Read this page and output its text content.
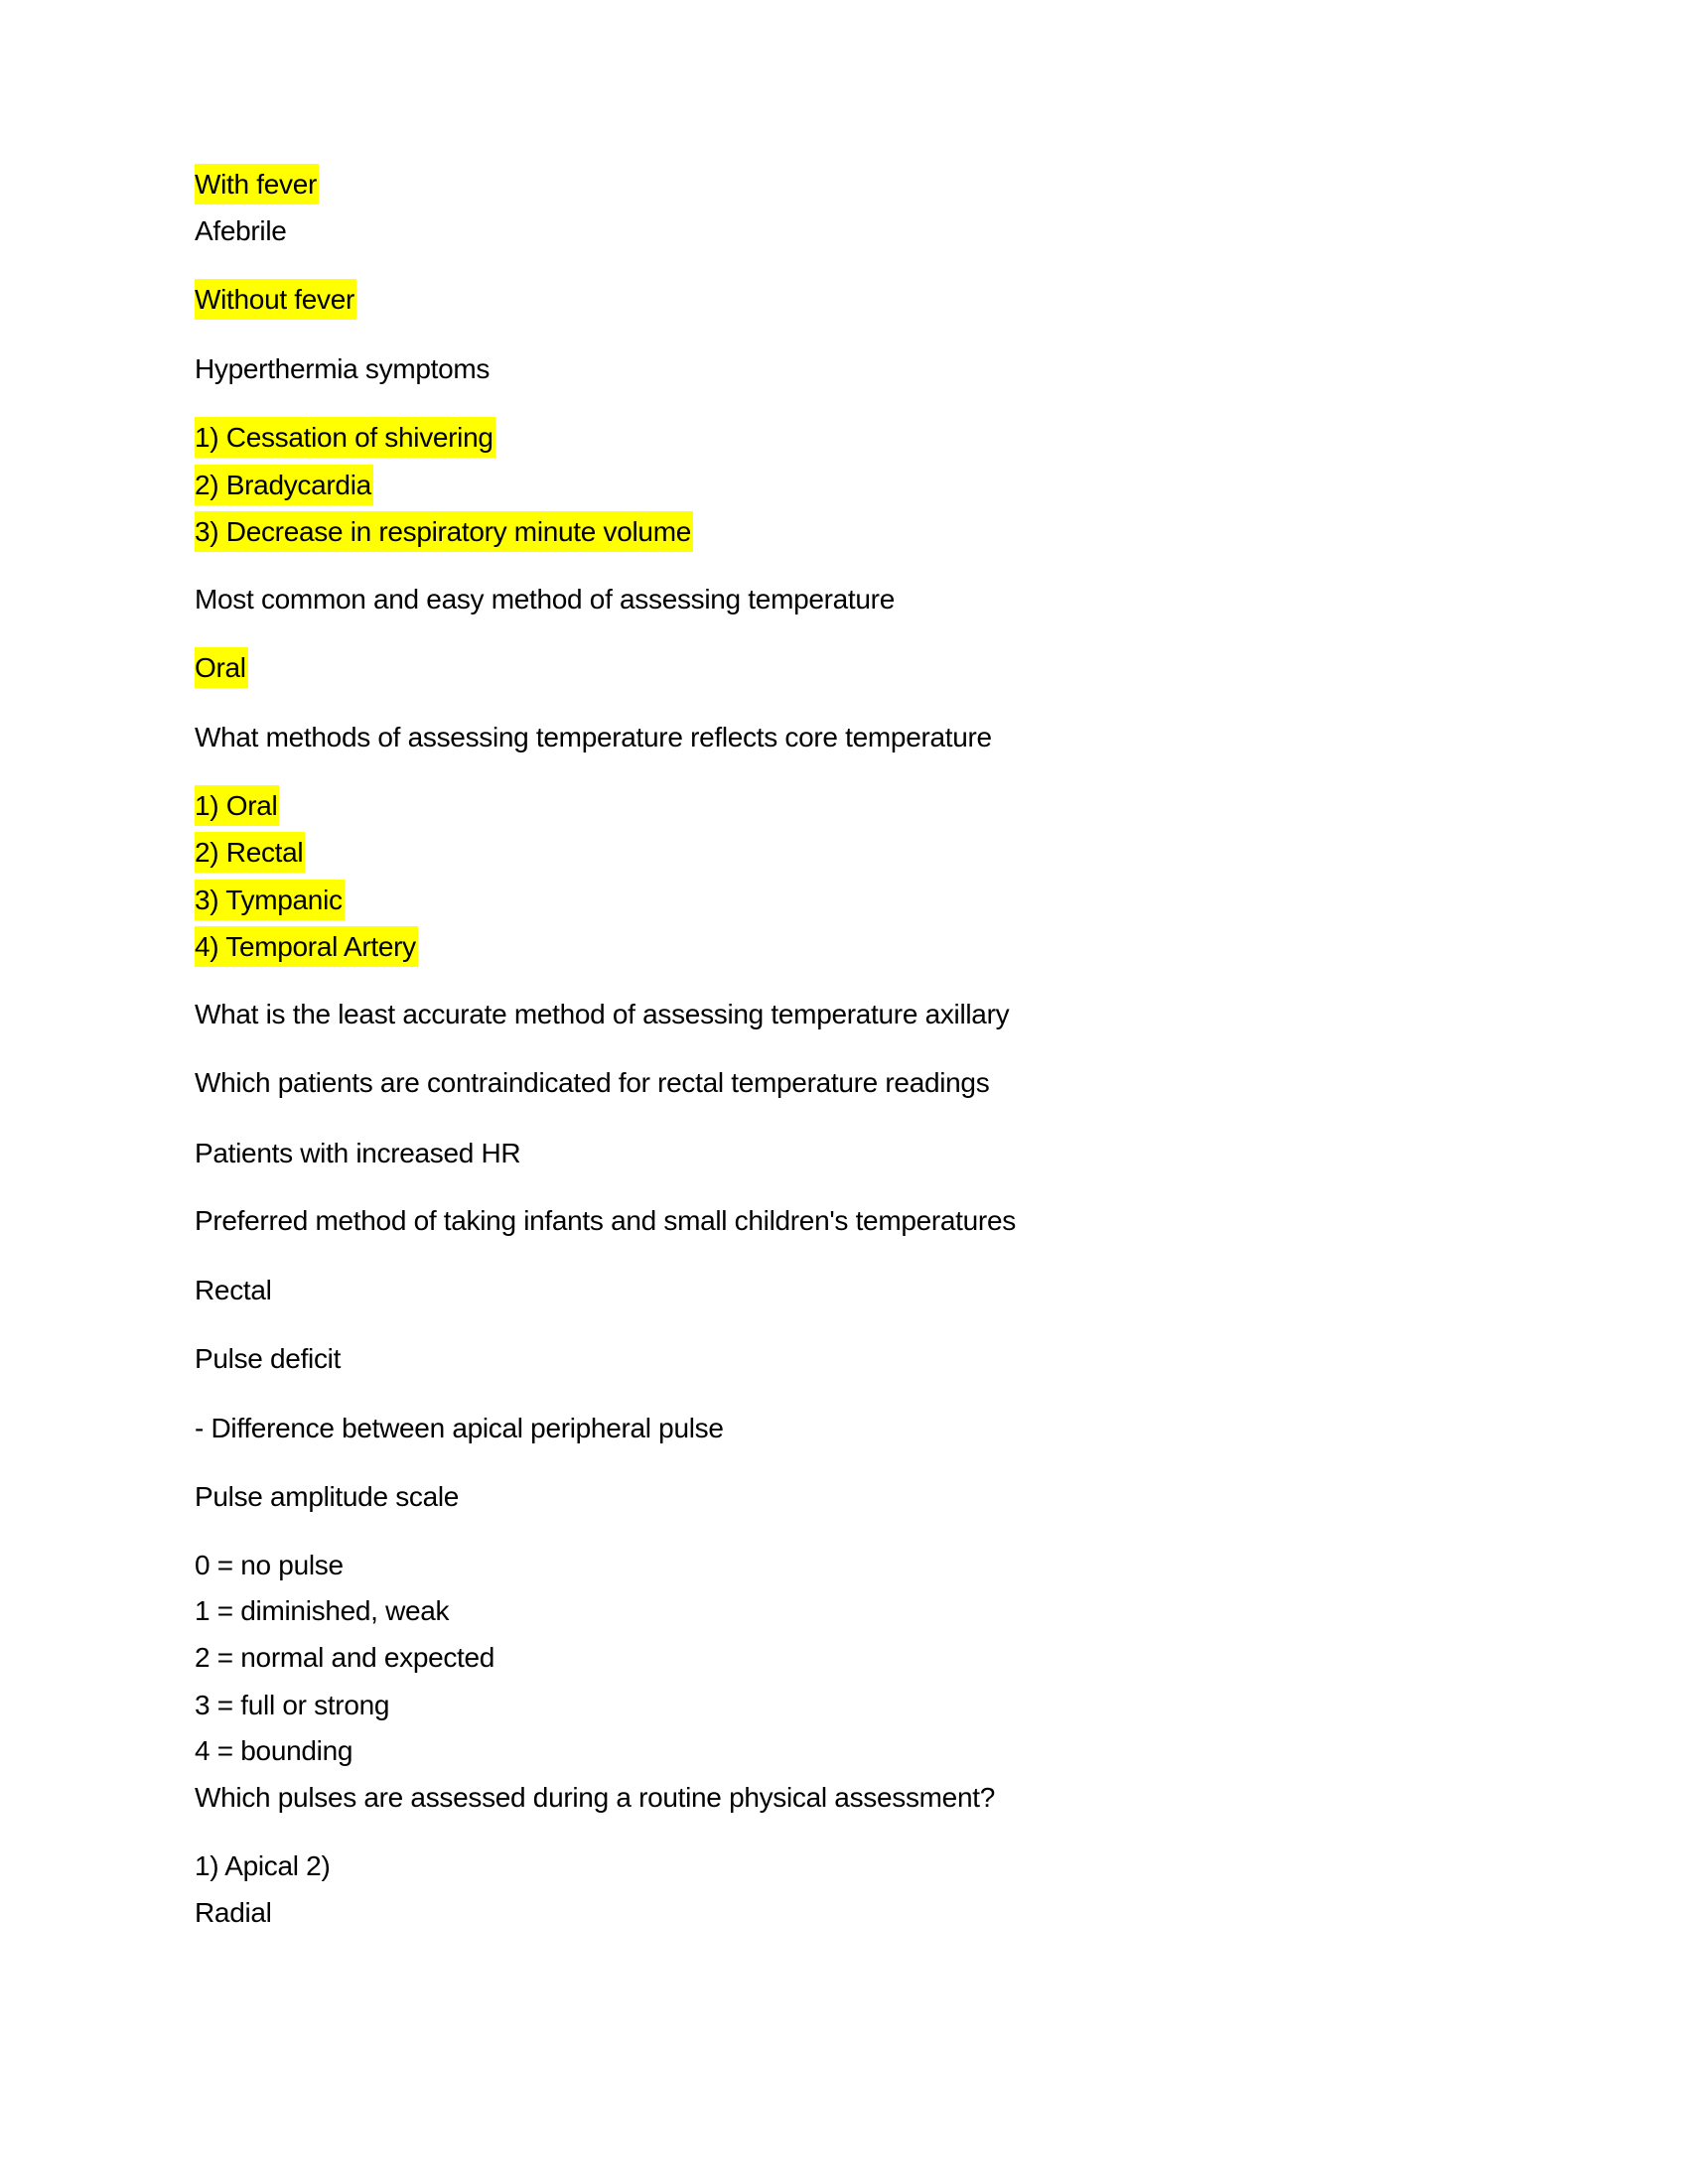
With fever
Afebrile
Without fever
Hyperthermia symptoms
1) Cessation of shivering
2) Bradycardia
3) Decrease in respiratory minute volume
Most common and easy method of assessing temperature
Oral
What methods of assessing temperature reflects core temperature
1) Oral
2) Rectal
3) Tympanic
4) Temporal Artery
What is the least accurate method of assessing temperature axillary
Which patients are contraindicated for rectal temperature readings
Patients with increased HR
Preferred method of taking infants and small children's temperatures
Rectal
Pulse deficit
- Difference between apical peripheral pulse
Pulse amplitude scale
0 = no pulse
1 = diminished, weak
2 = normal and expected
3 = full or strong
4 = bounding
Which pulses are assessed during a routine physical assessment?
1) Apical 2)
Radial
